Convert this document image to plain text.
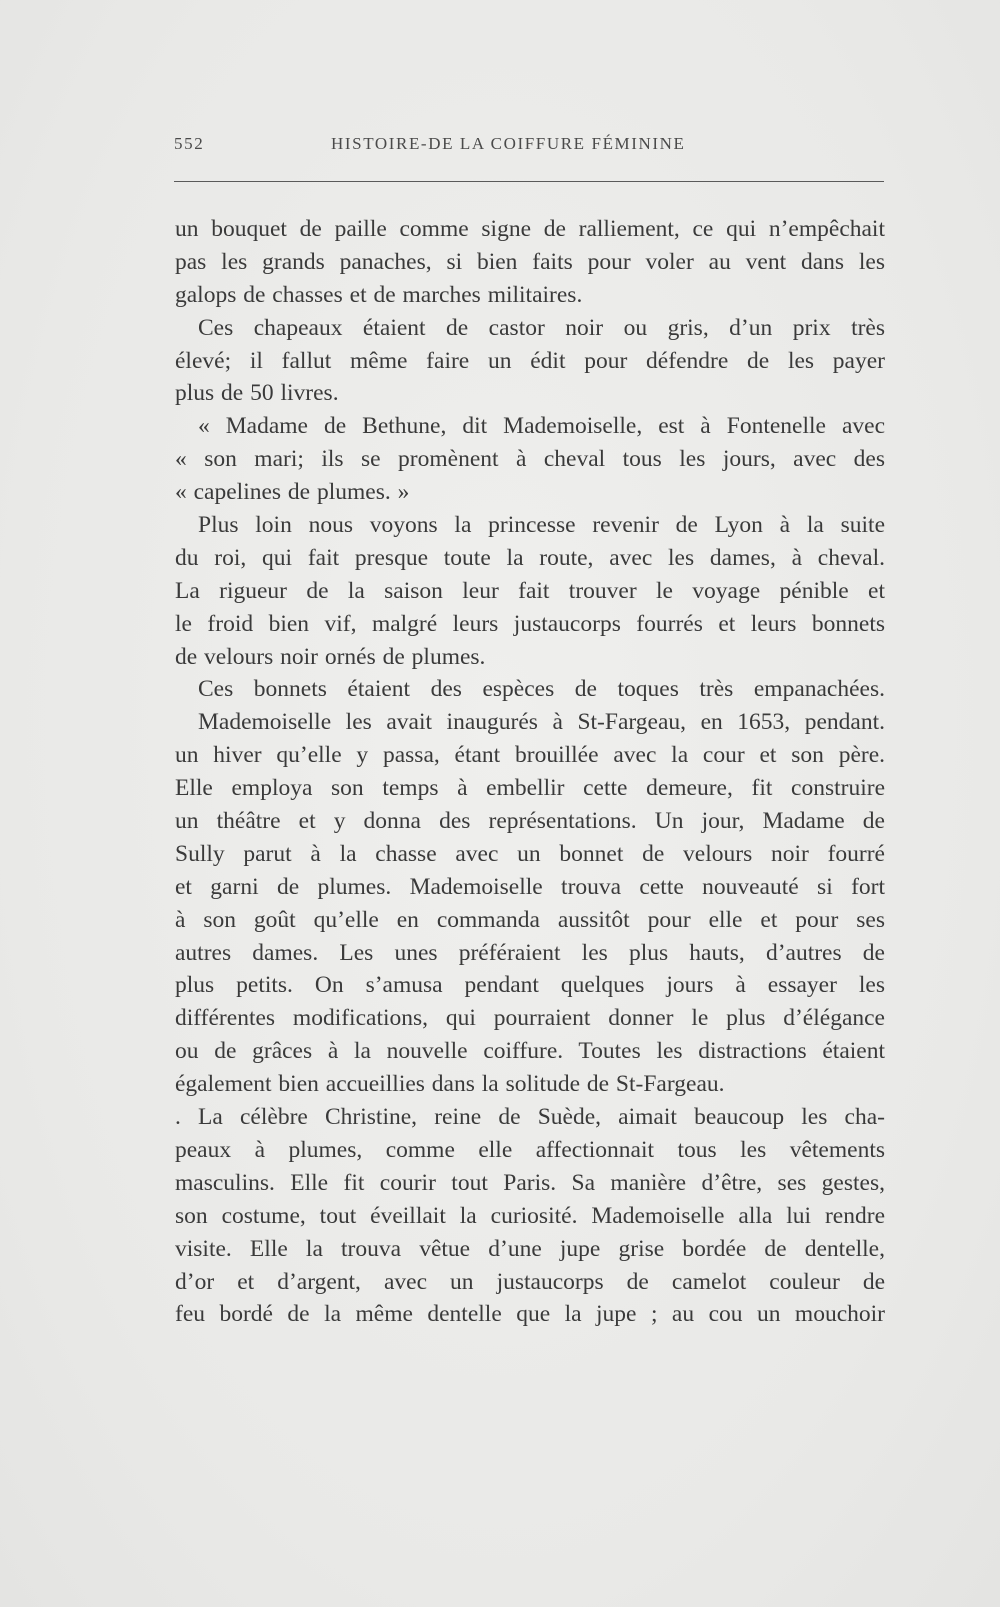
552	HISTOIRE-DE LA COIFFURE FÉMININE
un bouquet de paille comme signe de ralliement, ce qui n’empêchait
pas les grands panaches, si bien faits pour voler au vent dans les
galops de chasses et de marches militaires.
Ces chapeaux étaient de castor noir ou gris, d’un prix très
élevé; il fallut même faire un édit pour défendre de les payer
plus de 50 livres.
« Madame de Bethune, dit Mademoiselle, est à Fontenelle avec
« son mari; ils se promènent à cheval tous les jours, avec des
« capelines de plumes. »
Plus loin nous voyons la princesse revenir de Lyon à la suite
du roi, qui fait presque toute la route, avec les dames, à cheval.
La rigueur de la saison leur fait trouver le voyage pénible et
le froid bien vif, malgré leurs justaucorps fourrés et leurs bonnets
de velours noir ornés de plumes.
Ces bonnets étaient des espèces de toques très empanachées.
Mademoiselle les avait inaugurés à St-Fargeau, en 1653, pendant.
un hiver qu’elle y passa, étant brouillée avec la cour et son père.
Elle employa son temps à embellir cette demeure, fit construire
un théâtre et y donna des représentations. Un jour, Madame de
Sully parut à la chasse avec un bonnet de velours noir fourré
et garni de plumes. Mademoiselle trouva cette nouveauté si fort
à son goût qu’elle en commanda aussitôt pour elle et pour ses
autres dames. Les unes préféraient les plus hauts, d’autres de
plus petits. On s’amusa pendant quelques jours à essayer les
différentes modifications, qui pourraient donner le plus d’élégance
ou de grâces à la nouvelle coiffure. Toutes les distractions étaient
également bien accueillies dans la solitude de St-Fargeau.
. La célèbre Christine, reine de Suède, aimait beaucoup les cha-
peaux à plumes, comme elle affectionnait tous les vêtements
masculins. Elle fit courir tout Paris. Sa manière d’être, ses gestes,
son costume, tout éveillait la curiosité. Mademoiselle alla lui rendre
visite. Elle la trouva vêtue d’une jupe grise bordée de dentelle,
d’or et d’argent, avec un justaucorps de camelot couleur de
feu bordé de la même dentelle que la jupe ; au cou un mouchoir
